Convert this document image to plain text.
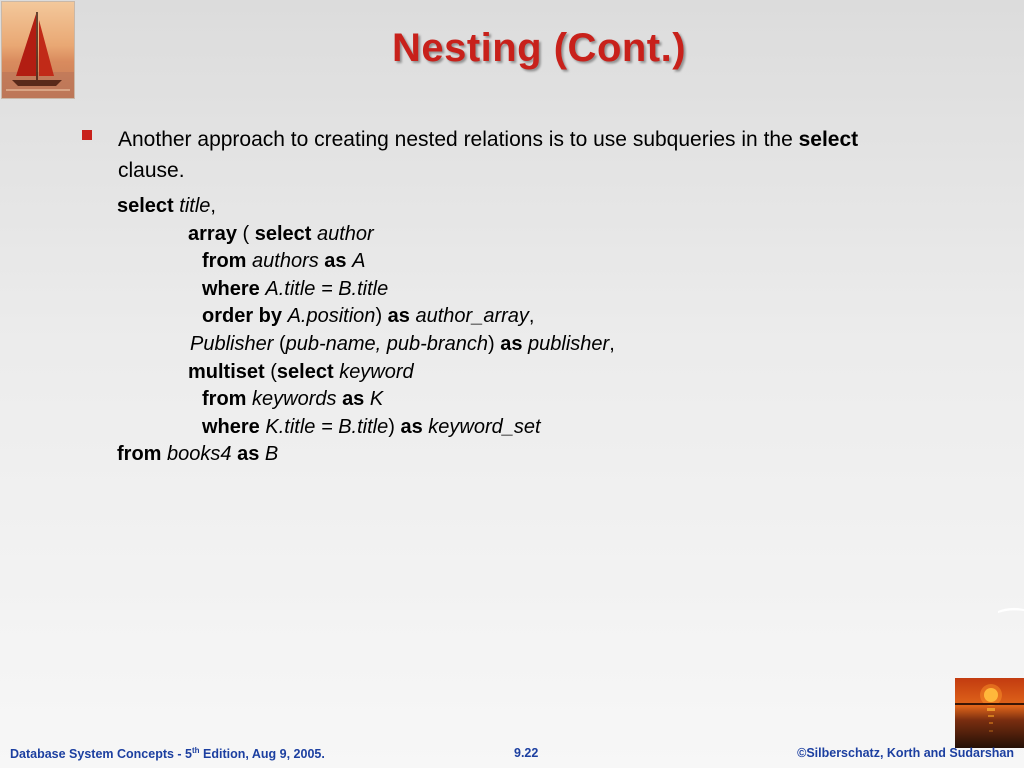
Nesting (Cont.)
Another approach to creating nested relations is to use subqueries in the select clause.
select title,
array ( select author
from authors as A
where A.title = B.title
order by A.position) as author_array,
Publisher (pub-name, pub-branch) as publisher,
multiset (select keyword
from keywords as K
where K.title = B.title) as keyword_set
from books4 as B
Database System Concepts - 5th Edition, Aug 9, 2005.	9.22	©Silberschatz, Korth and Sudarshan
